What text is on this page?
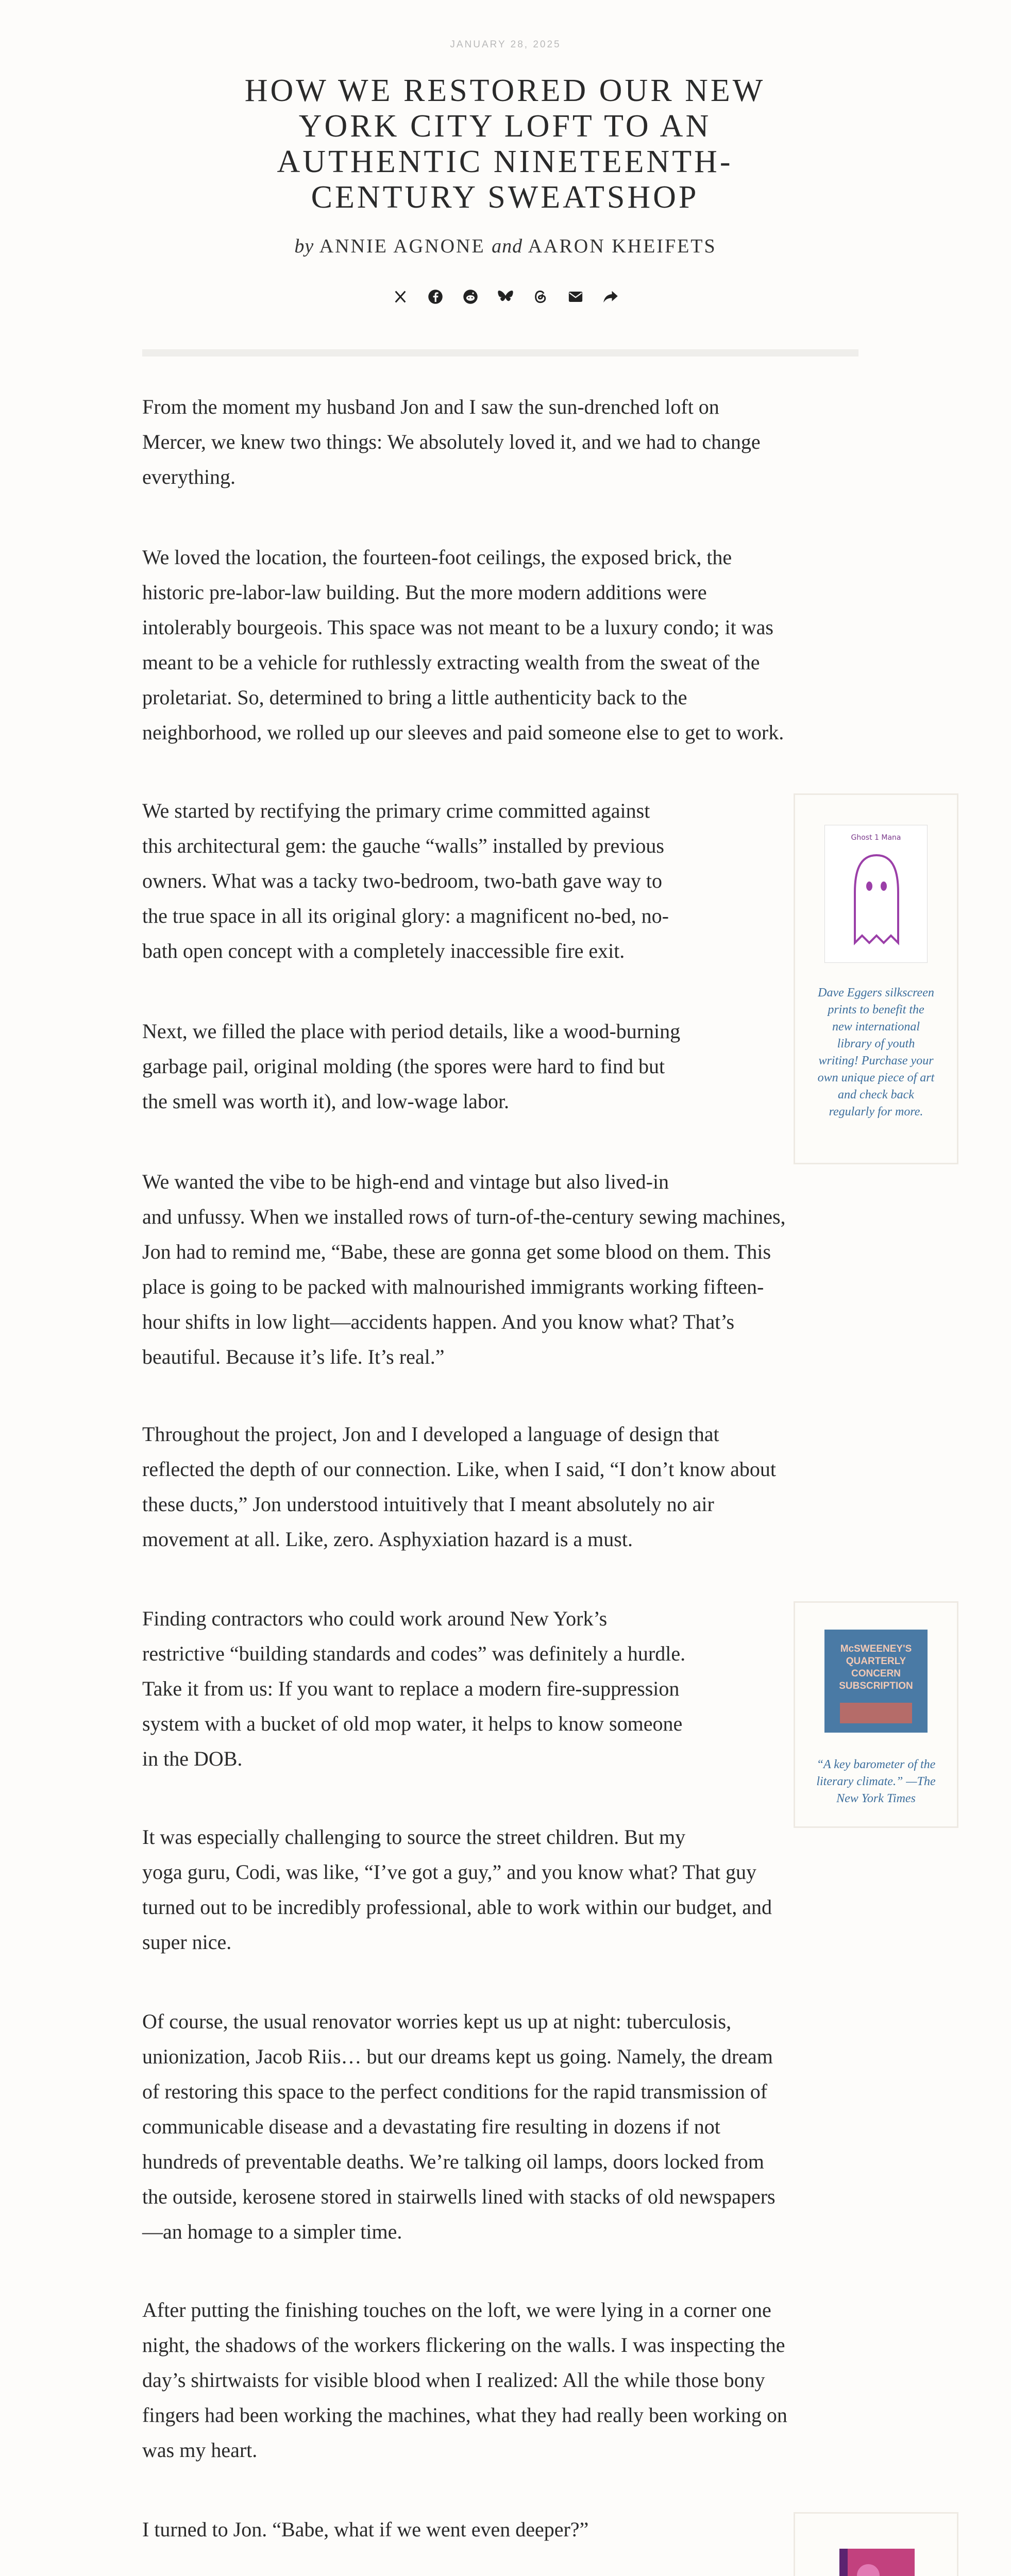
JANUARY 28, 2025
HOW WE RESTORED OUR NEW
YORK CITY LOFT TO AN
AUTHENTIC NINETEENTH-
CENTURY SWEATSHOP
by ANNIE AGNONE and AARON KHEIFETS

From the moment my husband Jon and I saw the sun-drenched loft on
Mercer, we knew two things: We absolutely loved it, and we had to change
everything.

We loved the location, the fourteen-foot ceilings, the exposed brick, the
historic pre-labor-law building. But the more modern additions were
intolerably bourgeois. This space was not meant to be a luxury condo; it was
meant to be a vehicle for ruthlessly extracting wealth from the sweat of the
proletariat. So, determined to bring a little authenticity back to the
neighborhood, we rolled up our sleeves and paid someone else to get to work.

We started by rectifying the primary crime committed against
this architectural gem: the gauche “walls” installed by previous
owners. What was a tacky two-bedroom, two-bath gave way to
the true space in all its original glory: a magnificent no-bed, no-
bath open concept with a completely inaccessible fire exit.

Next, we filled the place with period details, like a wood-burning
garbage pail, original molding (the spores were hard to find but
the smell was worth it), and low-wage labor.

We wanted the vibe to be high-end and vintage but also lived-in
and unfussy. When we installed rows of turn-of-the-century sewing machines,
Jon had to remind me, “Babe, these are gonna get some blood on them. This
place is going to be packed with malnourished immigrants working fifteen-
hour shifts in low light—accidents happen. And you know what? That’s
beautiful. Because it’s life. It’s real.”

Throughout the project, Jon and I developed a language of design that
reflected the depth of our connection. Like, when I said, “I don’t know about
these ducts,” Jon understood intuitively that I meant absolutely no air
movement at all. Like, zero. Asphyxiation hazard is a must.

Finding contractors who could work around New York’s
restrictive “building standards and codes” was definitely a hurdle.
Take it from us: If you want to replace a modern fire-suppression
system with a bucket of old mop water, it helps to know someone
in the DOB.

It was especially challenging to source the street children. But my
yoga guru, Codi, was like, “I’ve got a guy,” and you know what? That guy
turned out to be incredibly professional, able to work within our budget, and
super nice.

Of course, the usual renovator worries kept us up at night: tuberculosis,
unionization, Jacob Riis… but our dreams kept us going. Namely, the dream
of restoring this space to the perfect conditions for the rapid transmission of
communicable disease and a devastating fire resulting in dozens if not
hundreds of preventable deaths. We’re talking oil lamps, doors locked from
the outside, kerosene stored in stairwells lined with stacks of old newspapers
—an homage to a simpler time.

After putting the finishing touches on the loft, we were lying in a corner one
night, the shadows of the workers flickering on the walls. I was inspecting the
day’s shirtwaists for visible blood when I realized: All the while those bony
fingers had been working the machines, what they had really been working on
was my heart.

I turned to Jon. “Babe, what if we went even deeper?”

Ghost 1 Mana
Dave Eggers silkscreen
prints to benefit the
new international
library of youth
writing! Purchase your
own unique piece of art
and check back
regularly for more.
McSWEENEY'S
QUARTERLY
CONCERN
SUBSCRIPTION
“A key barometer of the
literary climate.” —The
New York Times
